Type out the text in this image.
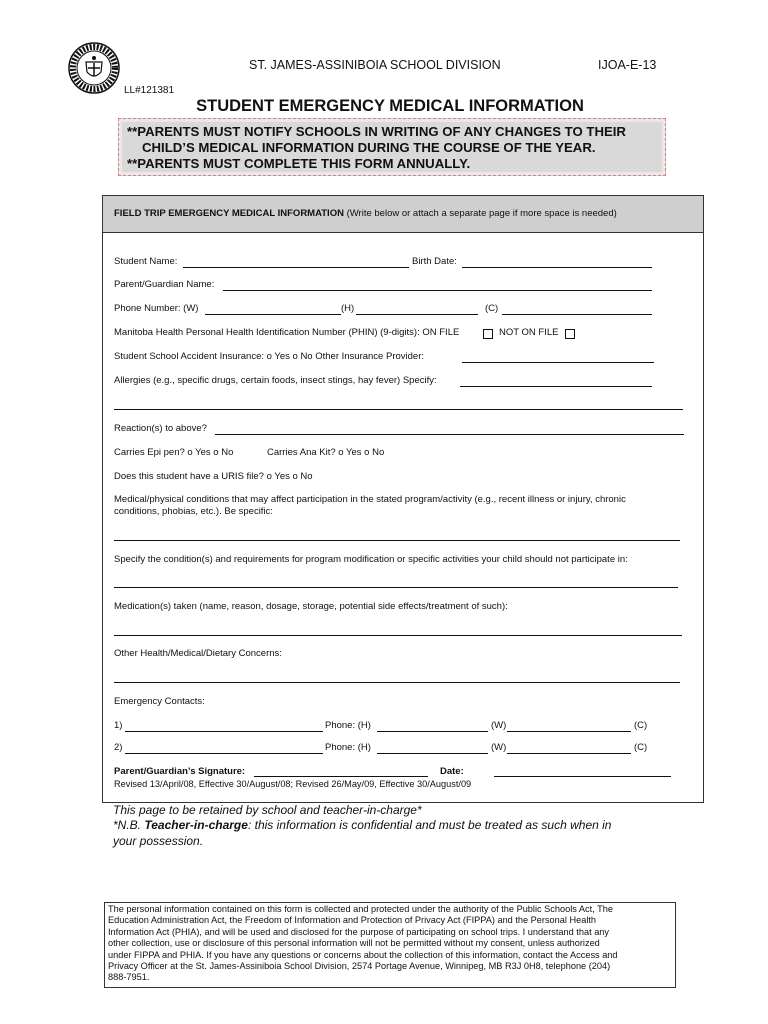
ST. JAMES-ASSINIBOIA SCHOOL DIVISION	IJOA-E-13
LL#121381
STUDENT EMERGENCY MEDICAL INFORMATION
**PARENTS MUST NOTIFY SCHOOLS IN WRITING OF ANY CHANGES TO THEIR
CHILD’S MEDICAL INFORMATION DURING THE COURSE OF THE YEAR.
**PARENTS MUST COMPLETE THIS FORM ANNUALLY.
FIELD TRIP EMERGENCY MEDICAL INFORMATION (Write below or attach a separate page if more space is needed)
Student Name:	Birth Date:
Parent/Guardian Name:
Phone Number: (W)	(H)	(C)
Manitoba Health Personal Health Identification Number (PHIN) (9-digits): ON FILE	NOT ON FILE
Student School Accident Insurance: o Yes o No Other Insurance Provider:
Allergies (e.g., specific drugs, certain foods, insect stings, hay fever) Specify:
Reaction(s) to above?
Carries Epi pen? o Yes o No	Carries Ana Kit? o Yes o No
Does this student have a URIS file? o Yes o No
Medical/physical conditions that may affect participation in the stated program/activity (e.g., recent illness or injury, chronic
conditions, phobias, etc.). Be specific:
Specify the condition(s) and requirements for program modification or specific activities your child should not participate in:
Medication(s) taken (name, reason, dosage, storage, potential side effects/treatment of such):
Other Health/Medical/Dietary Concerns:
Emergency Contacts:
1)	Phone: (H)	(W)	(C)
2)	Phone: (H)	(W)	(C)
Parent/Guardian’s Signature:	Date:
Revised 13/April/08, Effective 30/August/08; Revised 26/May/09, Effective 30/August/09
This page to be retained by school and teacher-in-charge*
*N.B. Teacher-in-charge: this information is confidential and must be treated as such when in
your possession.
The personal information contained on this form is collected and protected under the authority of the Public Schools Act, The
Education Administration Act, the Freedom of Information and Protection of Privacy Act (FIPPA) and the Personal Health
Information Act (PHIA), and will be used and disclosed for the purpose of participating on school trips. I understand that any
other collection, use or disclosure of this personal information will not be permitted without my consent, unless authorized
under FIPPA and PHIA. If you have any questions or concerns about the collection of this information, contact the Access and
Privacy Officer at the St. James-Assiniboia School Division, 2574 Portage Avenue, Winnipeg, MB R3J 0H8, telephone (204)
888-7951.
